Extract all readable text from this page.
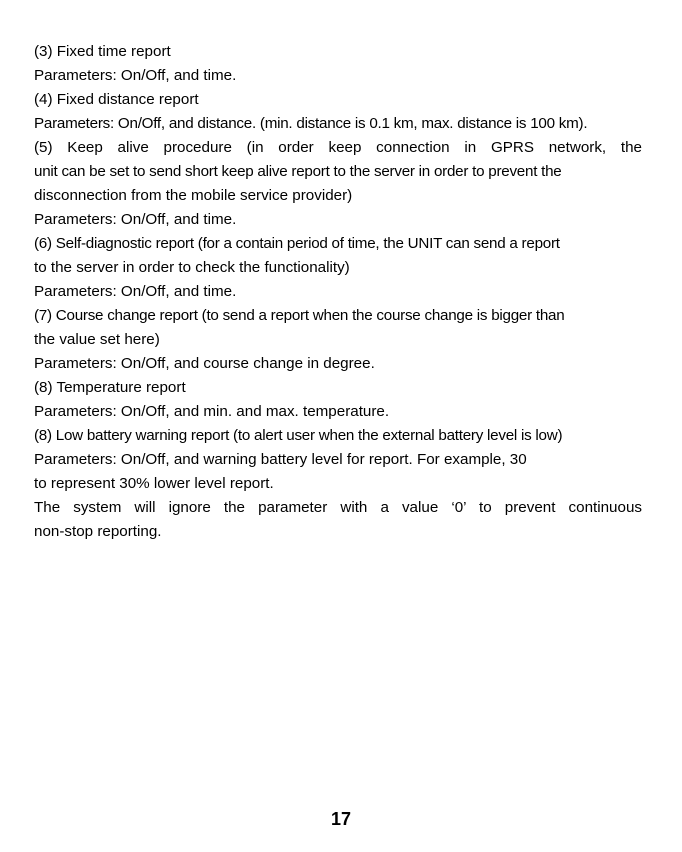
(3) Fixed time report

Parameters: On/Off, and time.

(4) Fixed distance report

Parameters: On/Off, and distance. (min. distance is 0.1 km, max. distance is 100 km).

(5) Keep alive procedure (in order keep connection in GPRS network, the

unit can be set to send short keep alive report to the server in order to prevent the

disconnection from the mobile service provider)

Parameters: On/Off, and time.

(6) Self-diagnostic report (for a contain period of time, the UNIT can send a report

to the server in order to check the functionality)

Parameters: On/Off, and time.

(7) Course change report (to send a report when the course change is bigger than

the value set here)

Parameters: On/Off, and course change in degree.

(8) Temperature report

Parameters: On/Off, and min. and max. temperature.

(8) Low battery warning report (to alert user when the external battery level is low)

Parameters: On/Off, and warning battery level for report. For example, 30

to represent 30% lower level report.

The system will ignore the parameter with a value ‘0’ to prevent continuous

non-stop reporting.

17
